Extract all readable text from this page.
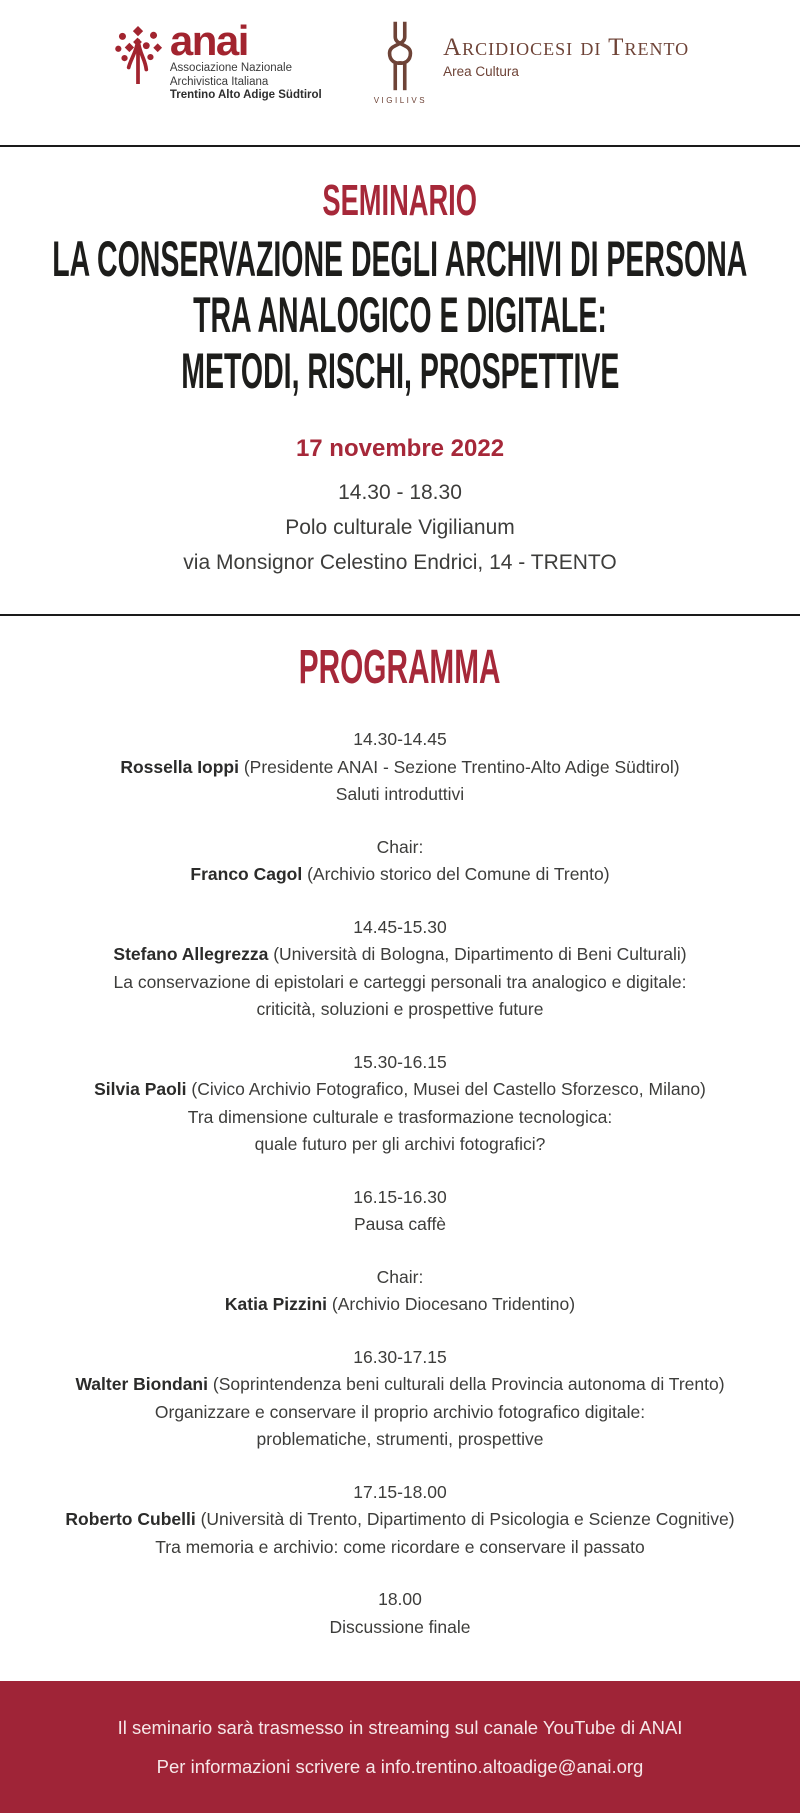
anai
Associazione Nazionale
Archivistica Italiana
Trentino Alto Adige Südtirol	VIGILIVS
Arcidiocesi di Trento
Area Cultura
SEMINARIO
LA CONSERVAZIONE DEGLI ARCHIVI DI PERSONA
TRA ANALOGICO E DIGITALE:
METODI, RISCHI, PROSPETTIVE
17 novembre 2022
14.30 - 18.30
Polo culturale Vigilianum
via Monsignor Celestino Endrici, 14 - TRENTO
PROGRAMMA

14.30-14.45

Rossella Ioppi (Presidente ANAI - Sezione Trentino-Alto Adige Südtirol)

Saluti introduttivi

Chair:

Franco Cagol (Archivio storico del Comune di Trento)

14.45-15.30

Stefano Allegrezza (Università di Bologna, Dipartimento di Beni Culturali)

La conservazione di epistolari e carteggi personali tra analogico e digitale:

criticità, soluzioni e prospettive future

15.30-16.15

Silvia Paoli (Civico Archivio Fotografico, Musei del Castello Sforzesco, Milano)

Tra dimensione culturale e trasformazione tecnologica:

quale futuro per gli archivi fotografici?

16.15-16.30

Pausa caffè

Chair:

Katia Pizzini (Archivio Diocesano Tridentino)

16.30-17.15

Walter Biondani (Soprintendenza beni culturali della Provincia autonoma di Trento)

Organizzare e conservare il proprio archivio fotografico digitale:

problematiche, strumenti, prospettive

17.15-18.00

Roberto Cubelli (Università di Trento, Dipartimento di Psicologia e Scienze Cognitive)

Tra memoria e archivio: come ricordare e conservare il passato

18.00

Discussione finale

Il seminario sarà trasmesso in streaming sul canale YouTube di ANAI

Per informazioni scrivere a info.trentino.altoadige@anai.org
